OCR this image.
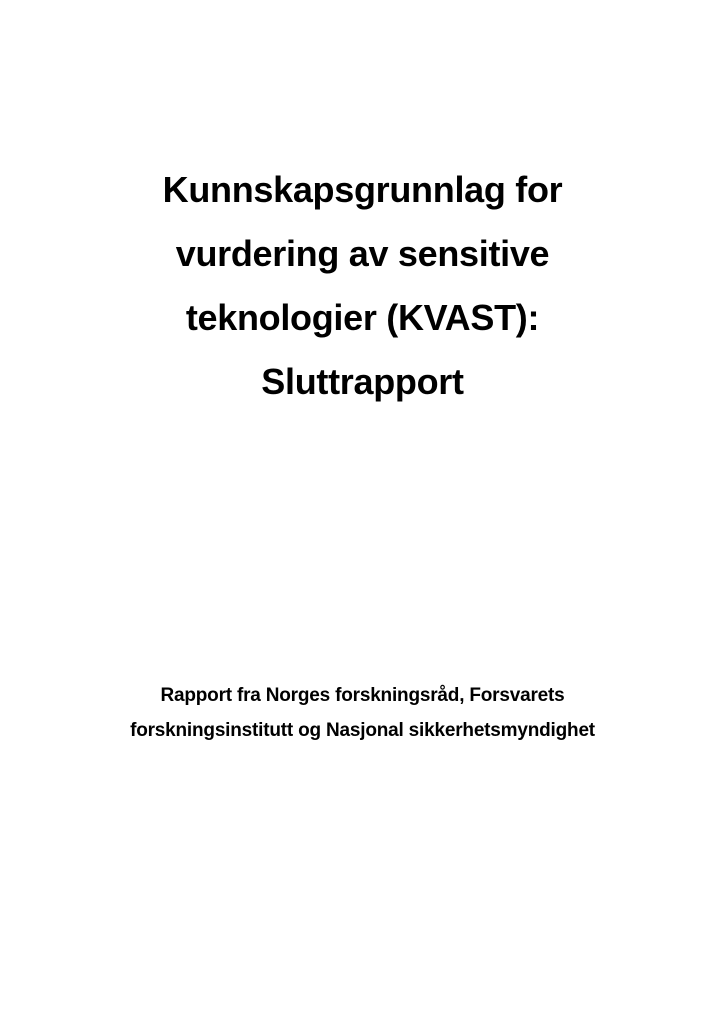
Kunnskapsgrunnlag for
vurdering av sensitive
teknologier (KVAST):
Sluttrapport
Rapport fra Norges forskningsråd, Forsvarets
forskningsinstitutt og Nasjonal sikkerhetsmyndighet
